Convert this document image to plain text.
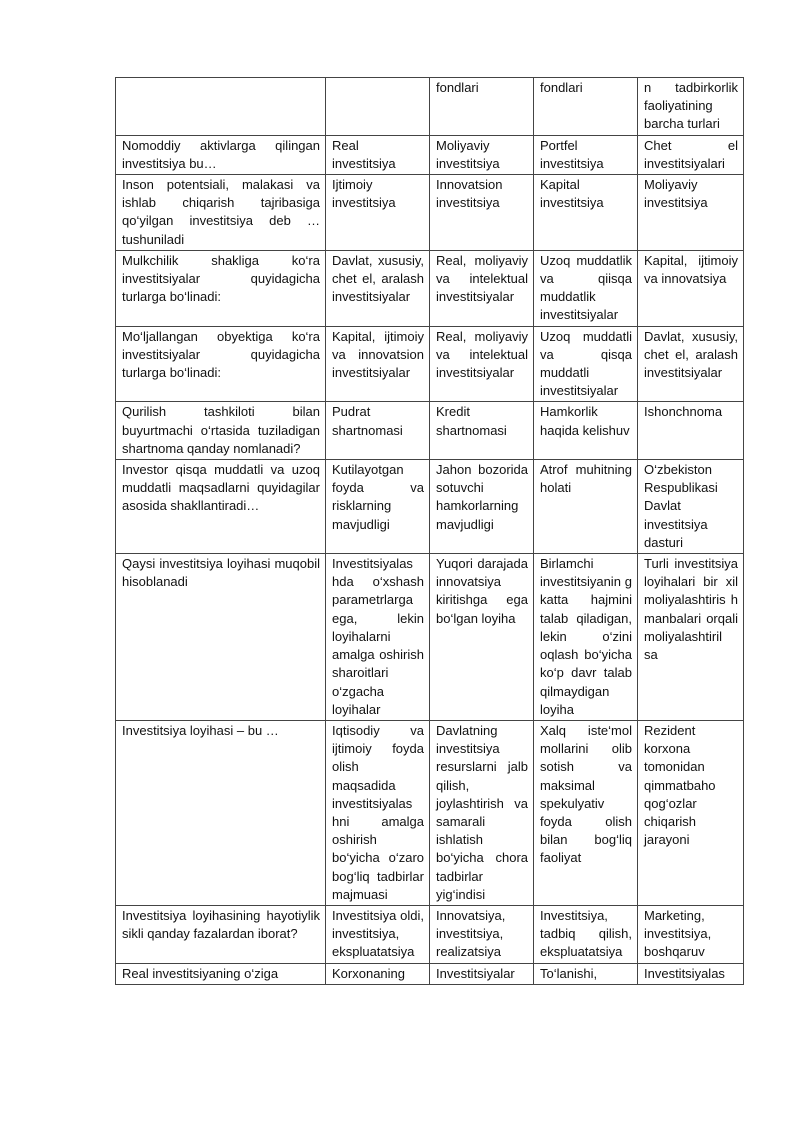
		fondlari	fondlari	n tadbirkorlik faoliyatining barcha turlari
Nomoddiy aktivlarga qilingan investitsiya bu…	Real investitsiya	Moliyaviy investitsiya	Portfel investitsiya	Chet el investitsiyalari
Inson potentsiali, malakasi va ishlab chiqarish tajribasiga qo‘yilgan investitsiya deb … tushuniladi	Ijtimoiy investitsiya	Innovatsion investitsiya	Kapital investitsiya	Moliyaviy investitsiya
Mulkchilik shakliga ko‘ra investitsiyalar quyidagicha turlarga bo‘linadi:	Davlat, xususiy, chet el, aralash investitsiyalar	Real, moliyaviy va intelektual investitsiyalar	Uzoq muddatlik va qiisqa muddatlik investitsiyalar	Kapital, ijtimoiy va innovatsiya
Mo‘ljallangan obyektiga ko‘ra investitsiyalar quyidagicha turlarga bo‘linadi:	Kapital, ijtimoiy va innovatsion investitsiyalar	Real, moliyaviy va intelektual investitsiyalar	Uzoq muddatli va qisqa muddatli investitsiyalar	Davlat, xususiy, chet el, aralash investitsiyalar
Qurilish tashkiloti bilan buyurtmachi o‘rtasida tuziladigan shartnoma qanday nomlanadi?	Pudrat shartnomasi	Kredit shartnomasi	Hamkorlik haqida kelishuv	Ishonchnoma
Investor qisqa muddatli va uzoq muddatli maqsadlarni quyidagilar asosida shakllantiradi…	Kutilayotgan foyda va risklarning mavjudligi	Jahon bozorida sotuvchi hamkorlarning mavjudligi	Atrof muhitning holati	O‘zbekiston Respublikasi Davlat investitsiya dasturi
Qaysi investitsiya loyihasi muqobil hisoblanadi	Investitsiyalas hda o‘xshash parametrlarga ega, lekin loyihalarni amalga oshirish sharoitlari o‘zgacha loyihalar	Yuqori darajada innovatsiya kiritishga ega bo‘lgan loyiha	Birlamchi investitsiyanin g katta hajmini talab qiladigan, lekin o‘zini oqlash bo‘yicha ko‘p davr talab qilmaydigan loyiha	Turli investitsiya loyihalari bir xil moliyalashtiris h manbalari orqali moliyalashtiril sa
Investitsiya loyihasi – bu …	Iqtisodiy va ijtimoiy foyda olish maqsadida investitsiyalas hni amalga oshirish bo‘yicha o‘zaro bog‘liq tadbirlar majmuasi	Davlatning investitsiya resurslarni jalb qilish, joylashtirish va samarali ishlatish bo‘yicha chora tadbirlar yig‘indisi	Xalq iste‘mol mollarini olib sotish va maksimal spekulyativ foyda olish bilan bog‘liq faoliyat	Rezident korxona tomonidan qimmatbaho qog‘ozlar chiqarish jarayoni
Investitsiya loyihasining hayotiylik sikli qanday fazalardan iborat?	Investitsiya oldi, investitsiya, ekspluatatsiya	Innovatsiya, investitsiya, realizatsiya	Investitsiya, tadbiq qilish, ekspluatatsiya	Marketing, investitsiya, boshqaruv
Real investitsiyaning o‘ziga	Korxonaning	Investitsiyalar	To‘lanishi,	Investitsiyalas
